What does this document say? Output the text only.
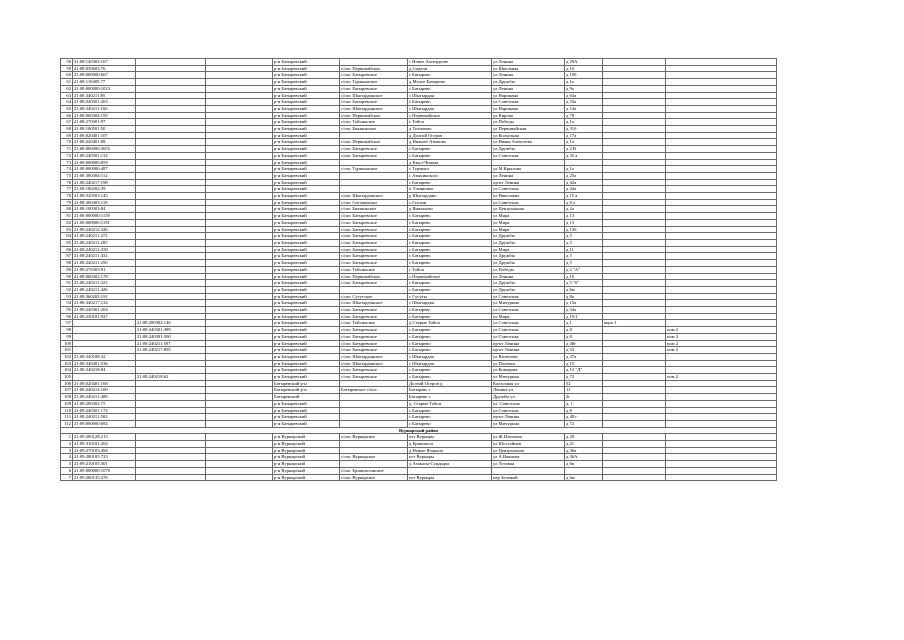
58	21:08:140303:167			р-н Батыревский		с Новое Ахперделю	ул Ленина	д 29А		
59	21:08:050603:76			р-н Батыревский	с/пос Первомайское	д Сидели	ул Школьная	д 1б		
60	21:08:000000:667			р-н Батыревский	с/пос Батыревское	с Батырево	ул Ленина	д 10б		
61	21:08:110405:77			р-н Батыревский	с/пос Турмышское	д Малое Батырево	ул Дружбы	д 1а		
62	21:08:000000:1023			р-н Батыревский	с/пос Батыревское	с Батырево	ул Ленина	д 9а		
63	21:08:340211:85			р-н Батыревский	с/пос Шыгырданское	с Шыгырдан	ул Наримана	д 63а		
64	21:08:240301:203			р-н Батыревский	с/пос Батыревское	с Батырево	ул Советская	д 33а		
65	21:08:340211:160			р-н Батыревский	с/пос Шыгырданское	с Шыгырдан	ул Наримана	д 14а		
66	21:08:060304:195			р-н Батыревский	с/пос Первомайское	с Первомайское	ул Кирова	д 78		
67	21:08:270301:97			р-н Батыревский	с/пос Тойсинское	с Тойси	ул Победы	д 1а		
68	21:08:100501:50			р-н Батыревский	с/пос Бикшикское	д Тигашево	ул Первомайская	д 31б		
69	21:08:020401:107			р-н Батыревский		д Долгий Остров	ул Колхозная	д 17а		
70	21:08:220401:88			р-н Батыревский	с/пос Первомайское	д Нижнее Атыково	ул Ивана Алексеева	д 1а		
71	21:08:000000:3655			р-н Батыревский	с/пос Батыревское	с Батырево	ул Дружбы	д 2 В		
72	21:08:240301:132			р-н Батыревский	с/пос Батыревское	с Батырево	ул Советская	д 35 а		
73	21:08:000000:859			р-н Батыревский		д Кзыл-Чишма				
74	21:08:000000:487			р-н Батыревский	с/пос Турмышское	с Турмыш	ул М.Крылова	д 1а		
75	21:08:380304:112			р-н Батыревский		с Атыкинского	ул Ленина	д 25а		
76	21:08:240217:198			р-н Батыревский		с Батырево	пр-кт Ленина	д 42а		
77	21:08:180202:39			р-н Батыревский		п Ульяновка	ул Советская	д 44а		
78	21:08:320503:145			р-н Батыревский	с/пос Шыгырданское	д Шыгырдано	ул Николаева	д 15 а		
79	21:08:300403:118			р-н Батыревский	с/пос Сигачинское	с Сигачи	ул Советская	д 8 а		
80	21:08:100303:84			р-н Батыревский	с/пос Бикшикское	д Яншихово	ул Центральная	д 2а		
81	21:08:000000:1159			р-н Батыревский	с/пос Батыревское	с Батырево	ул Мира	д 13		
82	21:08:000000:1191			р-н Батыревский	с/пос Батыревское	с Батырево	ул Мира	д 13		
83	21:08:240212:326			р-н Батыревский	с/пос Батыревское	с Батырево	ул Мира	д 13б		
84	21:08:240211:272			р-н Батыревский	с/пос Батыревское	с Батырево	ул Дружбы	д 5		
85	21:08:240211:285			р-н Батыревский	с/пос Батыревское	с Батырево	ул Дружбы	д 5		
86	21:08:240212:358			р-н Батыревский	с/пос Батыревское	с Батырево	ул Мира	д 11		
87	21:08:240211:432			р-н Батыревский	с/пос Батыревское	с Батырево	ул Дружбы	д 5		
88	21:08:240211:250			р-н Батыревский	с/пос Батыревское	с Батырево	ул Дружбы	д 5		
89	21:08:270303:91			р-н Батыревский	с/пос Тойсинское	с Тойси	ул Победы	д 2 "А"		
90	21:08:060302:178			р-н Батыревский	с/пос Первомайское	с Первомайское	ул Ленина	д 10		
91	21:08:240211:323			р-н Батыревский	с/пос Батыревское	с Батырево	ул Дружбы	д 3 "б"		
92	21:08:240211:426			р-н Батыревский		с Батырево	ул Дружбы	д 6м		
93	21:08:360202:191			р-н Батыревский	с/пос Сугутское	с Сугуты	ул Советская	д 8а		
94	21:08:340217:134			р-н Батыревский	с/пос Шыгырданское	с Шыгырдан	ул Мичурина	д 15а		
95	21:08:240301:204			р-н Батыревский	с/пос Батыревское	с Батырево	ул Советская	д 34а		
96	21:08:230101:927			р-н Батыревский	с/пос Батыревское	с Батырево	ул Мира	д 19/1		
97		21:08:280302:146		р-н Батыревский	с/пос Тойсинское	д Старые Тойси	ул Советская	д 1	корп 1	
98		21:08:240301:389		р-н Батыревский	с/пос Батыревское	с Батырево	ул Советская	д 8		пом 2
99		21:08:240301:390		р-н Батыревский	с/пос Батыревское	с Батырево	ул Советская	д 8		пом 3
100		21:08:240211:507		р-н Батыревский	с/пос Батыревское	с Батырево	пр-кт Ленина	д 48г		пом 2
101		21:08:240217:895		р-н Батыревский	с/пос Батыревское	с Батырево	пр-кт Ленина	д 33		пом 2
102	21:08:340108:32			р-н Батыревский	с/пос Шыгырданское	с Шыгырдан	ул Васютова	д 37а		
103	21:08:340401:536			р-н Батыревский	с/пос Шыгырданское	с Шыгырдан	ул Полевая	д 15		
104	21:08:240218:84			р-н Батыревский	с/пос Батыревское	с Батырево	ул Комарова	д 13 "Д"		
105		21:08:240218:62		р-н Батыревский	с/пос Батыревское	с Батырево	ул Мичурина	д 72		пом 2
106	21:08:020401:168			Батыревский р-н		Долгий Остров д	Колхозная ул	52		
107	21:08:240214:169			Батыревский р-н	Батыревское с/пос	Батырево с	Ленина ул	11		
108	21:08:240211:408			Батыревский		Батырево с	Дружбы ул	2г		
109	21:08:280302:75			р-н Батыревский		д. Старые Тойси	ул. Советская	д. 1		
110	21:08:240301:172			р-н Батыревский		с Батырево	ул Советская	д 8		
111	21:08:240211:502			р-н Батыревский		с Батырево	пр-кт Ленина	д 48 г		
112	21:08:000000:692			р-н Батыревский		с Батырево	ул Мичурина	д 72		
Вурнарский район										
1	21:09:280128:215			р-н Вурнарский	с/пос Вурнарское	пгт Вурнары	ул Ж.Илюхина	д 29		
2	21:09:310101:204			р-н Вурнарский		д Ершипоси	ул Шоссейная	д 21		
3	21:09:270103:494			р-н Вурнарский		д Новые Яхакасы	ул Центральная	д 36а		
4	21:09:280105:723			р-н Вурнарский	с/пос Вурнарское	пгт Вурнары	ул А.Иванова	д 36А		
5	21:09:210105:301			р-н Вурнарский		д Азакасы-Сундыры	ул Луговая	д 6в		
6	21:09:000000:1070			р-н Вурнарский	с/пос Ершипосинское					
7	21:09:280135:276			р-н Вурнарский	с/пос Вурнарское	пгт Вурнары	пер Зеленый	д 6м		
